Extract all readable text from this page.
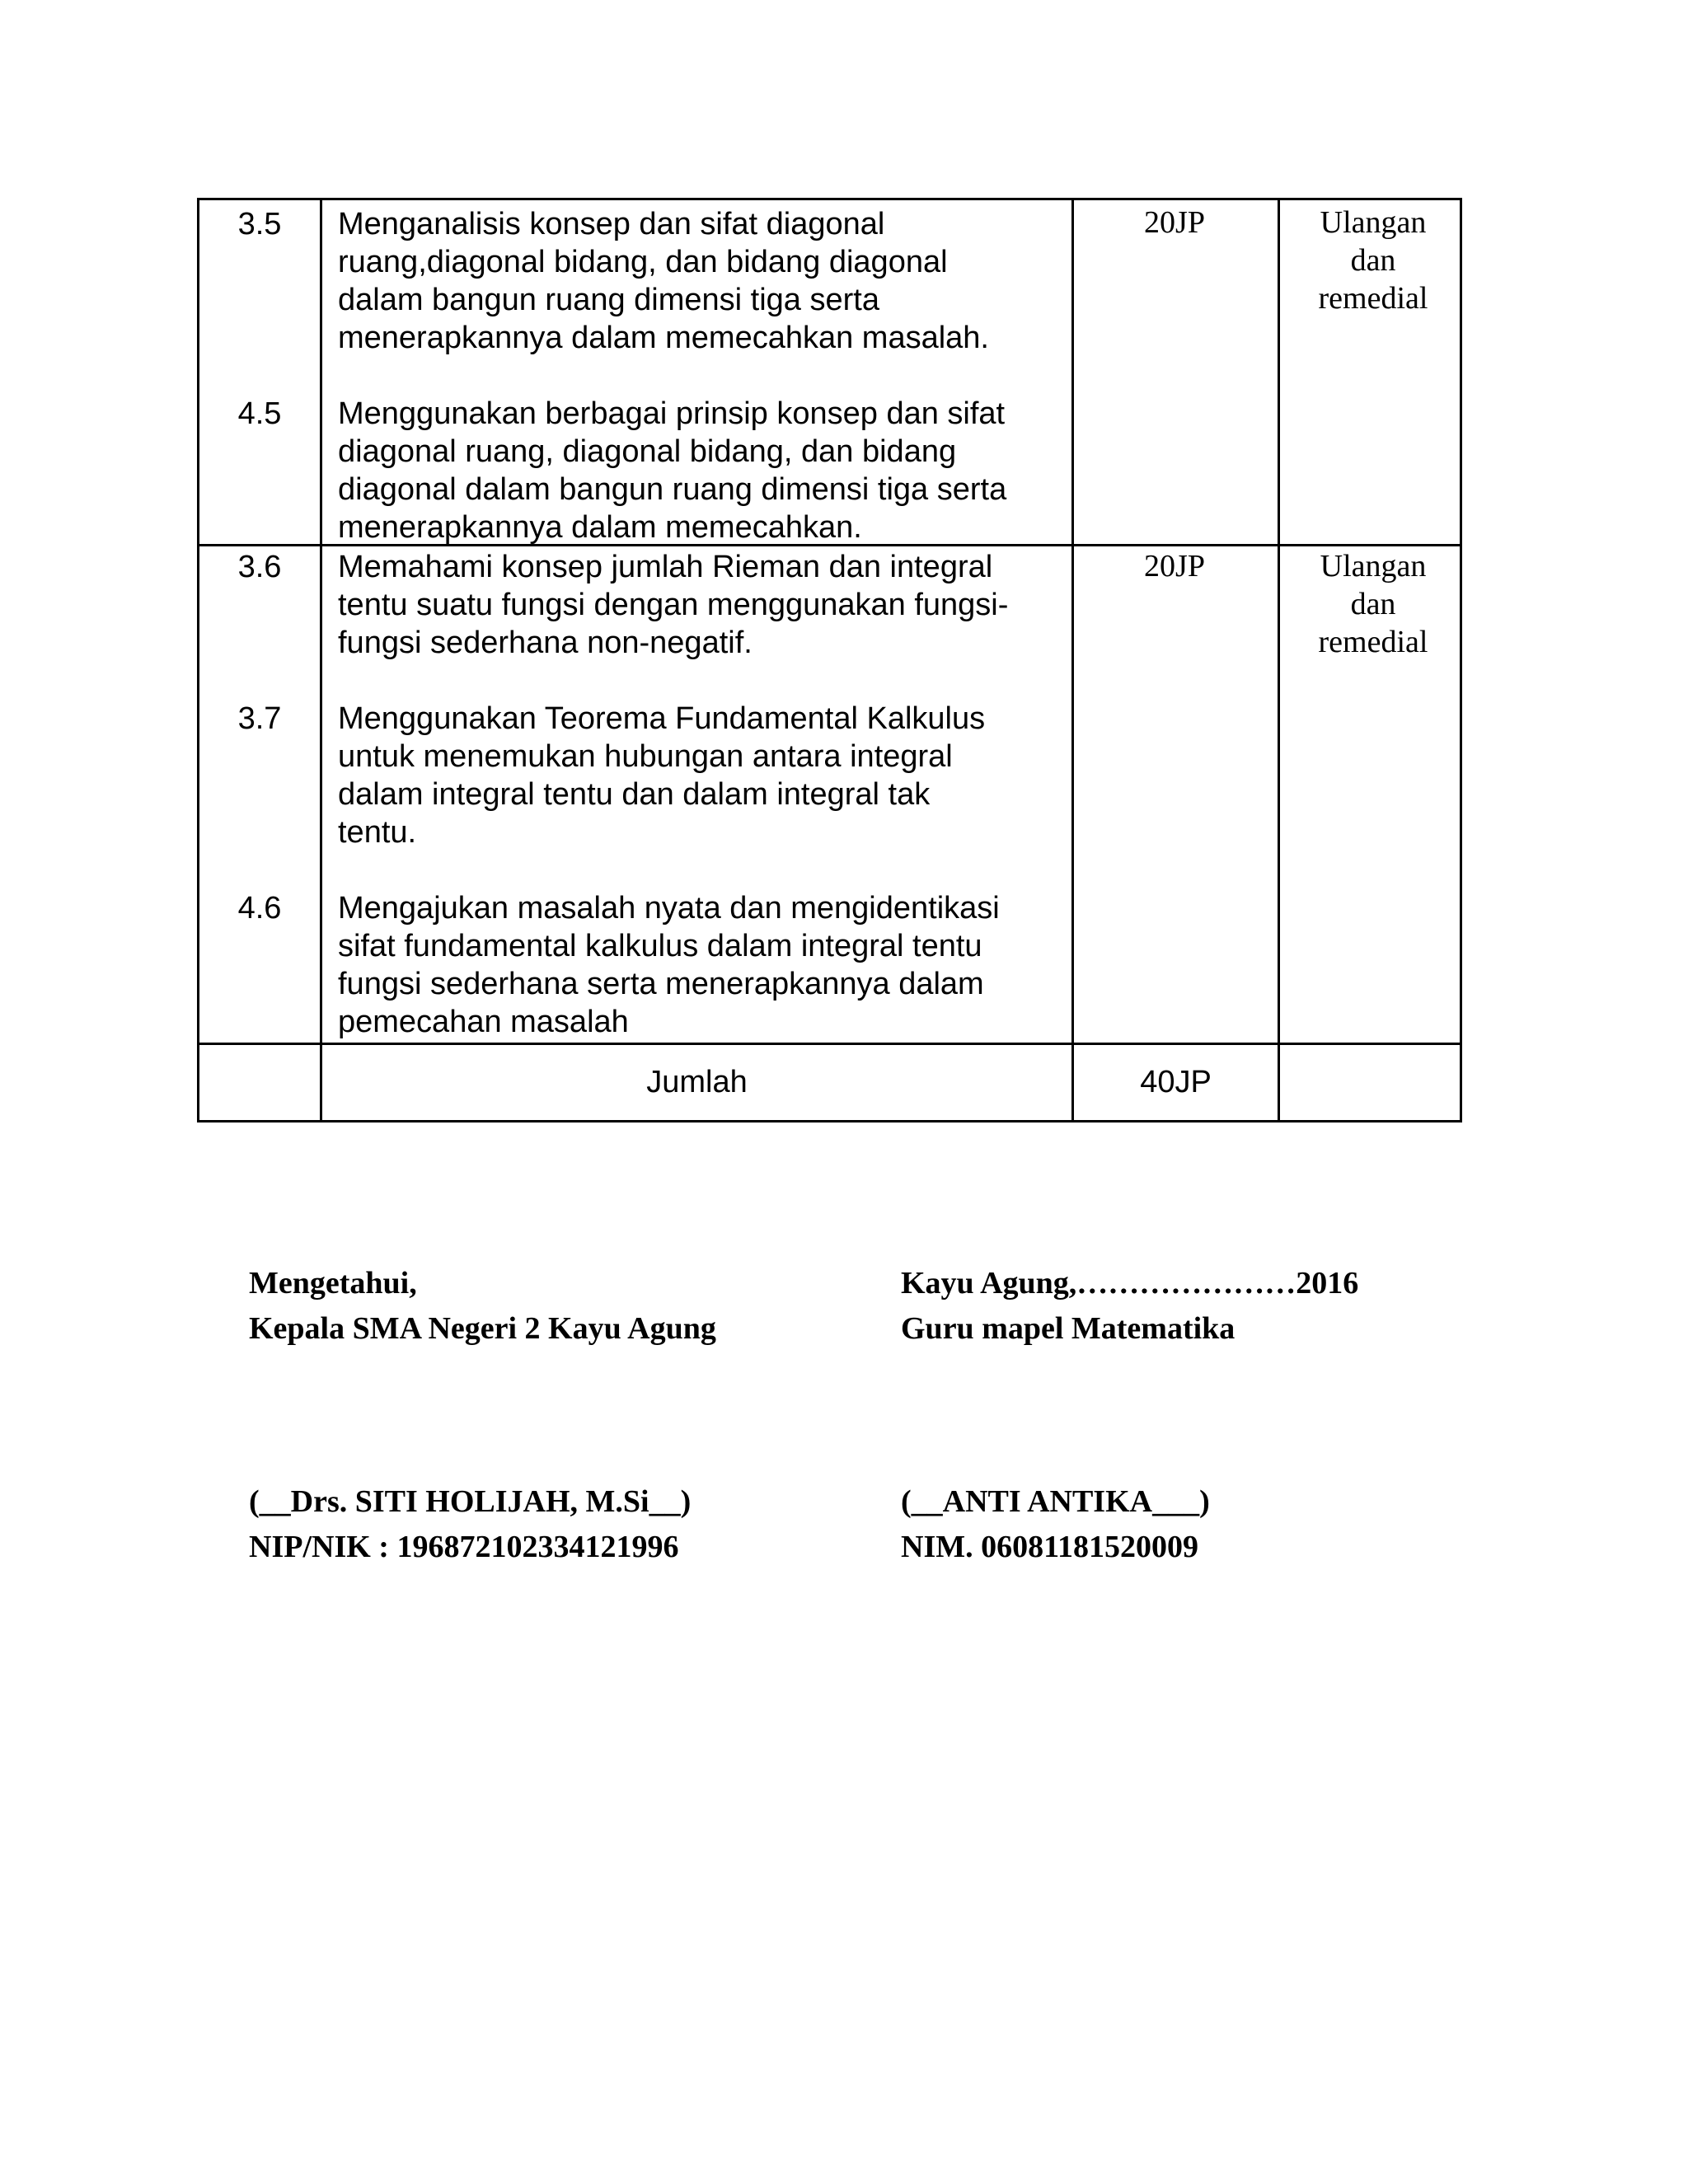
3.5	Menganalisis konsep dan sifat diagonal
ruang,diagonal bidang, dan bidang diagonal
dalam bangun ruang dimensi tiga serta
menerapkannya dalam memecahkan masalah.
4.5	Menggunakan berbagai prinsip konsep dan sifat
diagonal ruang, diagonal bidang, dan bidang
diagonal dalam bangun ruang dimensi tiga serta
menerapkannya dalam memecahkan.
20JP	Ulangan
dan
remedial
3.6	Memahami konsep jumlah Rieman dan integral
tentu suatu fungsi dengan menggunakan fungsi-
fungsi sederhana non-negatif.
3.7	Menggunakan Teorema Fundamental Kalkulus
untuk menemukan hubungan antara integral
dalam integral tentu dan dalam integral tak
tentu.
4.6	Mengajukan masalah nyata dan mengidentikasi
sifat fundamental kalkulus dalam integral tentu
fungsi sederhana serta menerapkannya dalam
pemecahan masalah
20JP	Ulangan
dan
remedial
Jumlah	40JP
Mengetahui,
Kepala SMA Negeri 2 Kayu Agung
(__Drs. SITI HOLIJAH, M.Si__)
NIP/NIK : 196872102334121996
Kayu Agung,…………………2016
Guru mapel Matematika
(__ANTI ANTIKA___)
NIM. 06081181520009
